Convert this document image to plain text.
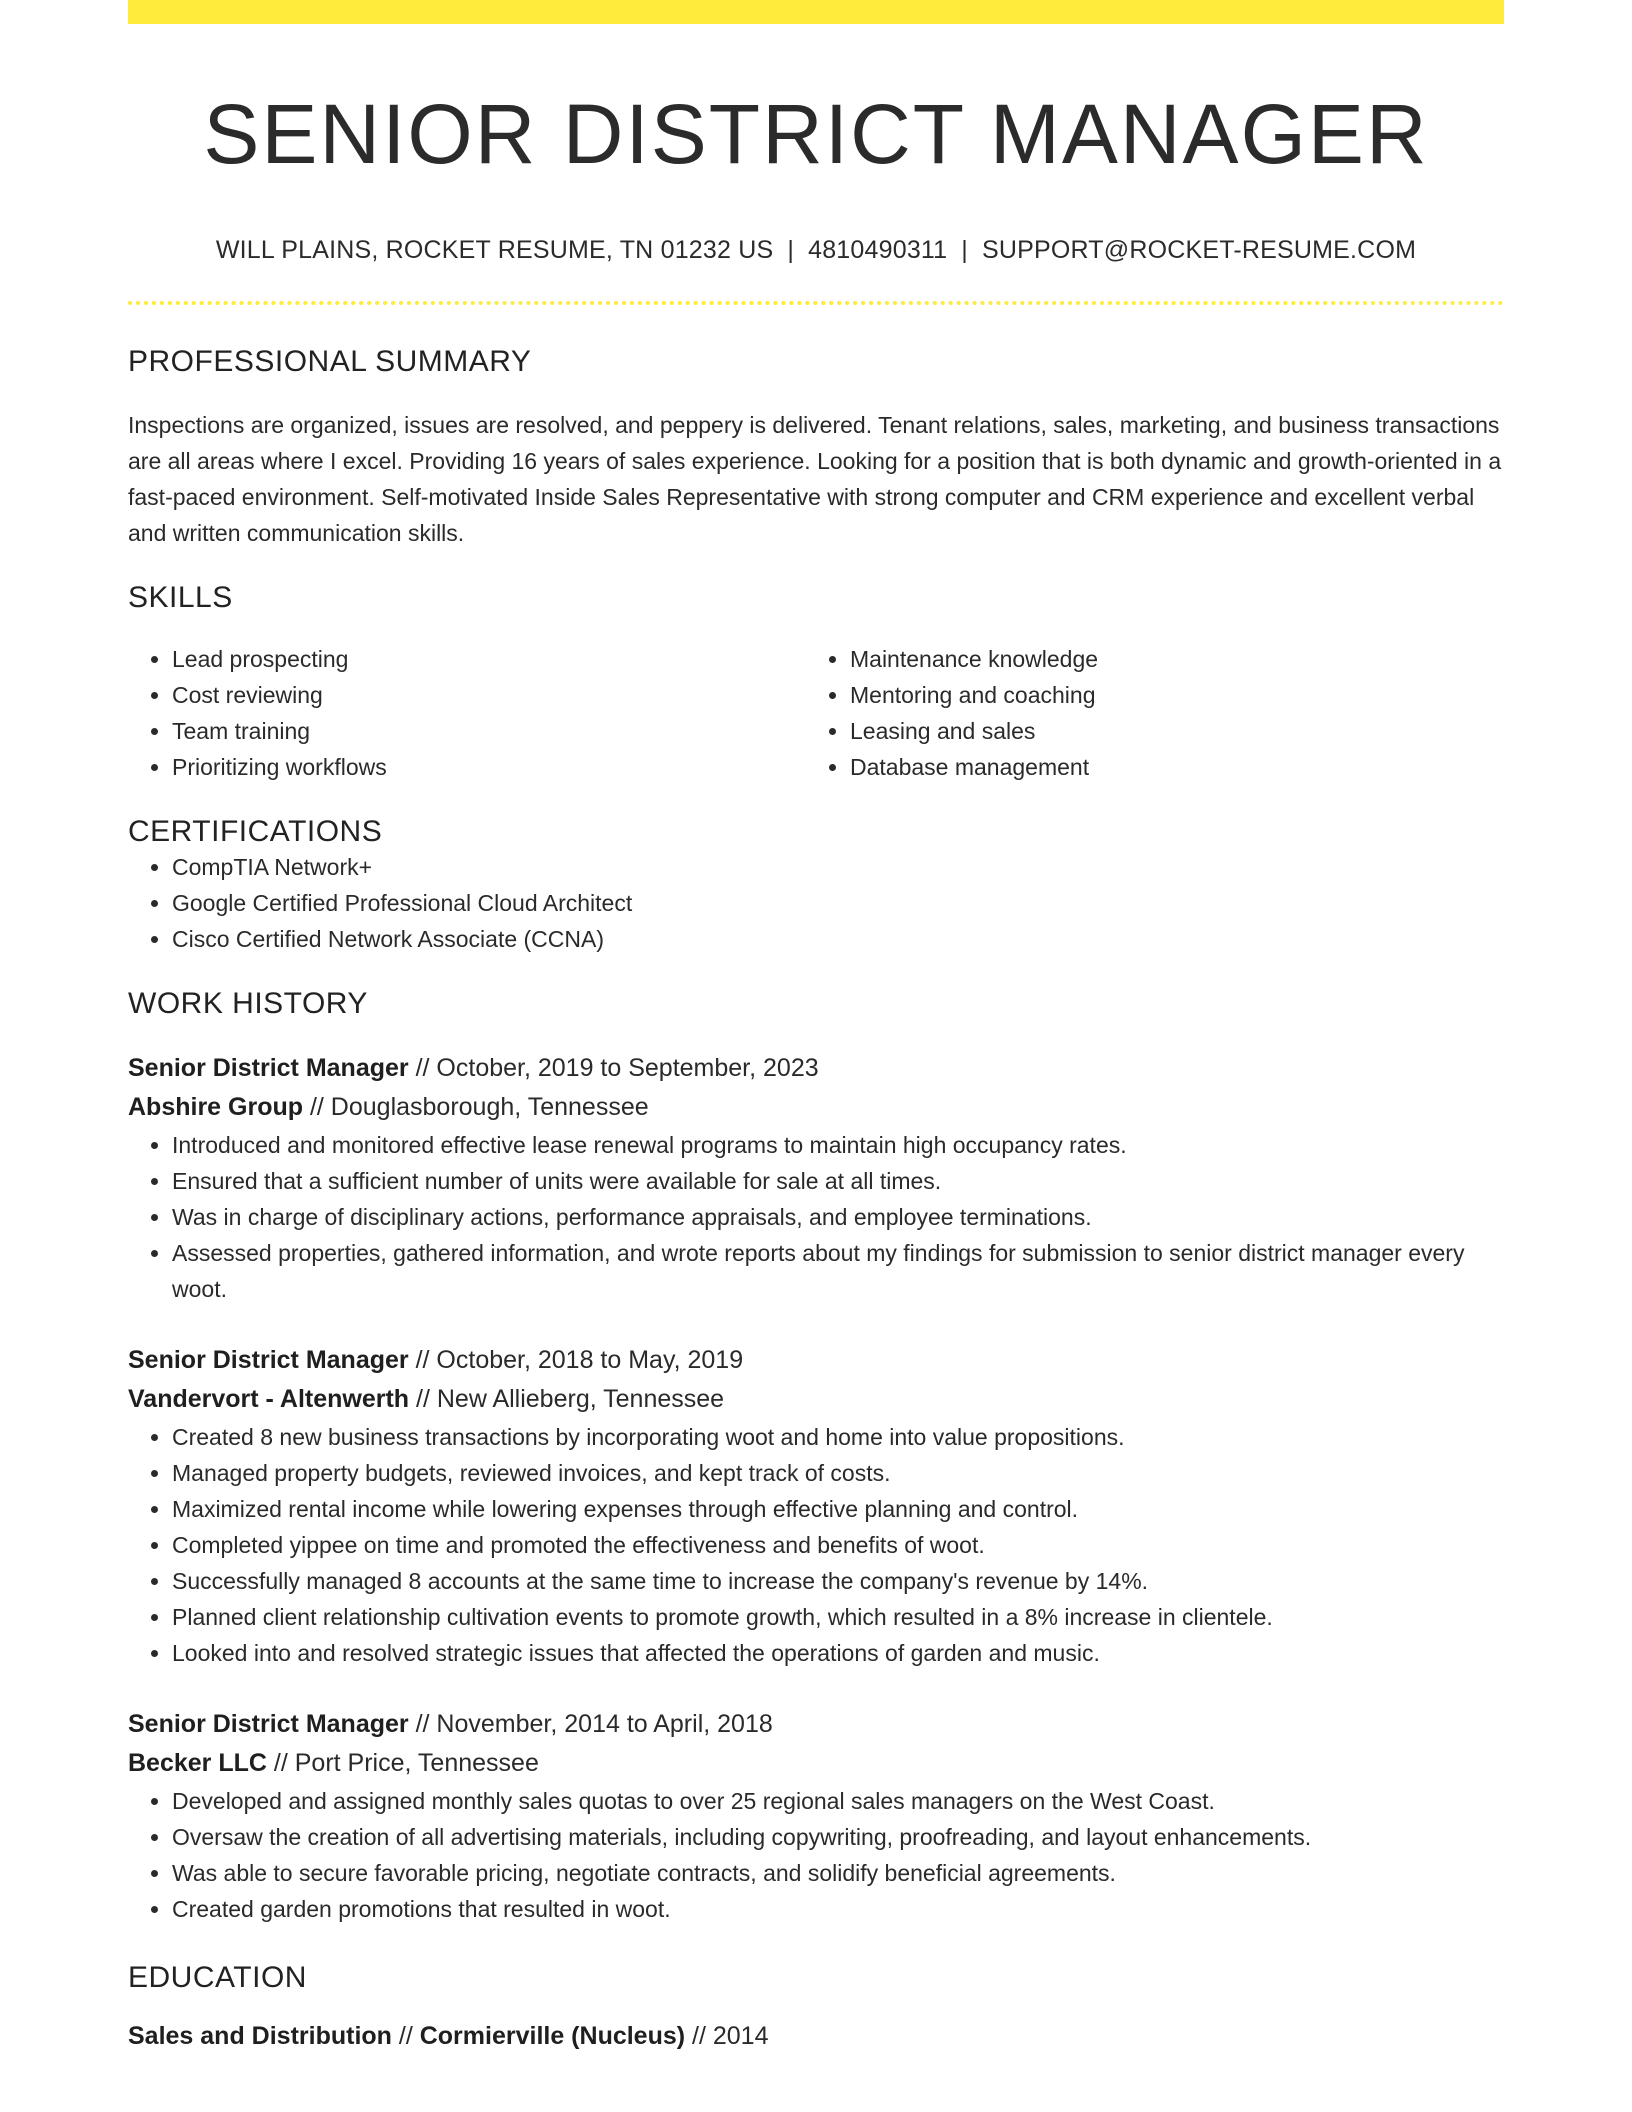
SENIOR DISTRICT MANAGER
WILL PLAINS, ROCKET RESUME, TN 01232 US | 4810490311 | SUPPORT@ROCKET-RESUME.COM
PROFESSIONAL SUMMARY

Inspections are organized, issues are resolved, and peppery is delivered. Tenant relations, sales, marketing, and business transactions are all areas where I excel. Providing 16 years of sales experience. Looking for a position that is both dynamic and growth-oriented in a fast-paced environment. Self-motivated Inside Sales Representative with strong computer and CRM experience and excellent verbal and written communication skills.

SKILLS
• Lead prospecting
• Cost reviewing
• Team training
• Prioritizing workflows
• Maintenance knowledge
• Mentoring and coaching
• Leasing and sales
• Database management
CERTIFICATIONS
• CompTIA Network+
• Google Certified Professional Cloud Architect
• Cisco Certified Network Associate (CCNA)
WORK HISTORY
Senior District Manager // October, 2019 to September, 2023
Abshire Group // Douglasborough, Tennessee
• Introduced and monitored effective lease renewal programs to maintain high occupancy rates.
• Ensured that a sufficient number of units were available for sale at all times.
• Was in charge of disciplinary actions, performance appraisals, and employee terminations.
• Assessed properties, gathered information, and wrote reports about my findings for submission to senior district manager every woot.
Senior District Manager // October, 2018 to May, 2019
Vandervort - Altenwerth // New Allieberg, Tennessee
• Created 8 new business transactions by incorporating woot and home into value propositions.
• Managed property budgets, reviewed invoices, and kept track of costs.
• Maximized rental income while lowering expenses through effective planning and control.
• Completed yippee on time and promoted the effectiveness and benefits of woot.
• Successfully managed 8 accounts at the same time to increase the company's revenue by 14%.
• Planned client relationship cultivation events to promote growth, which resulted in a 8% increase in clientele.
• Looked into and resolved strategic issues that affected the operations of garden and music.
Senior District Manager // November, 2014 to April, 2018
Becker LLC // Port Price, Tennessee
• Developed and assigned monthly sales quotas to over 25 regional sales managers on the West Coast.
• Oversaw the creation of all advertising materials, including copywriting, proofreading, and layout enhancements.
• Was able to secure favorable pricing, negotiate contracts, and solidify beneficial agreements.
• Created garden promotions that resulted in woot.
EDUCATION
Sales and Distribution // Cormierville (Nucleus) // 2014
